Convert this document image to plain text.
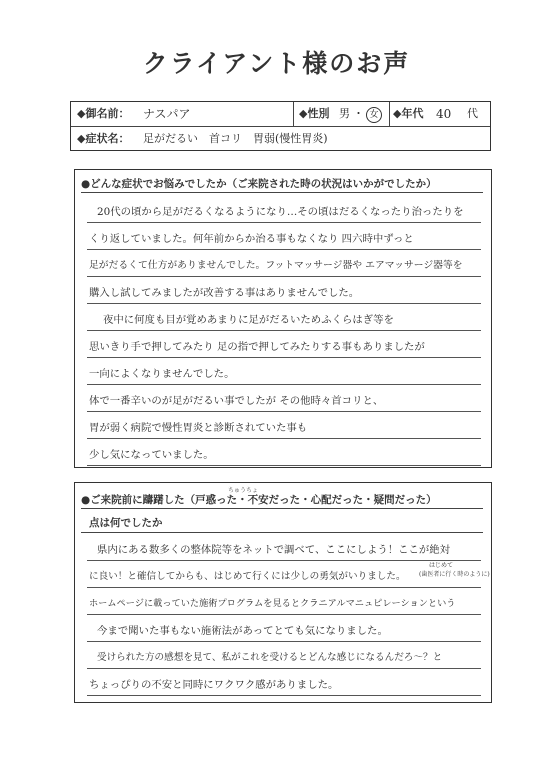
クライアント様のお声
◆御名前： ナスパア	◆性別 男 ・ 女	◆年代 40 代
◆症状名： 足がだるい　首コリ　胃弱(慢性胃炎)
●どんな症状でお悩みでしたか（ご来院された時の状況はいかがでしたか）
20代の頃から足がだるくなるようになり…その頃はだるくなったり治ったりを
くり返していました。何年前からか治る事もなくなり 四六時中ずっと
足がだるくて仕方がありませんでした。フットマッサージ器や エアマッサージ器等を
購入し試してみましたが改善する事はありませんでした。
夜中に何度も目が覚めあまりに足がだるいためふくらはぎ等を
思いきり手で押してみたり 足の指で押してみたりする事もありましたが
一向によくなりませんでした。
体で一番辛いのが足がだるい事でしたが その他時々首コリと、
胃が弱く病院で慢性胃炎と診断されていた事も
少し気になっていました。
ちゅうちょ
●ご来院前に躊躇した（戸惑った・不安だった・心配だった・疑問だった）
点は何でしたか
県内にある数多くの整体院等をネットで調べて、ここにしよう！ここが絶対
に良い！と確信してからも、はじめて行くには少しの勇気がいりました。
はじめて
(歯医者に行く時のように)
ホームページに載っていた施術プログラムを見るとクラニアルマニュピレーションという
今まで聞いた事もない施術法があってとても気になりました。
受けられた方の感想を見て、私がこれを受けるとどんな感じになるんだろ～？と
ちょっぴりの不安と同時にワクワク感がありました。
